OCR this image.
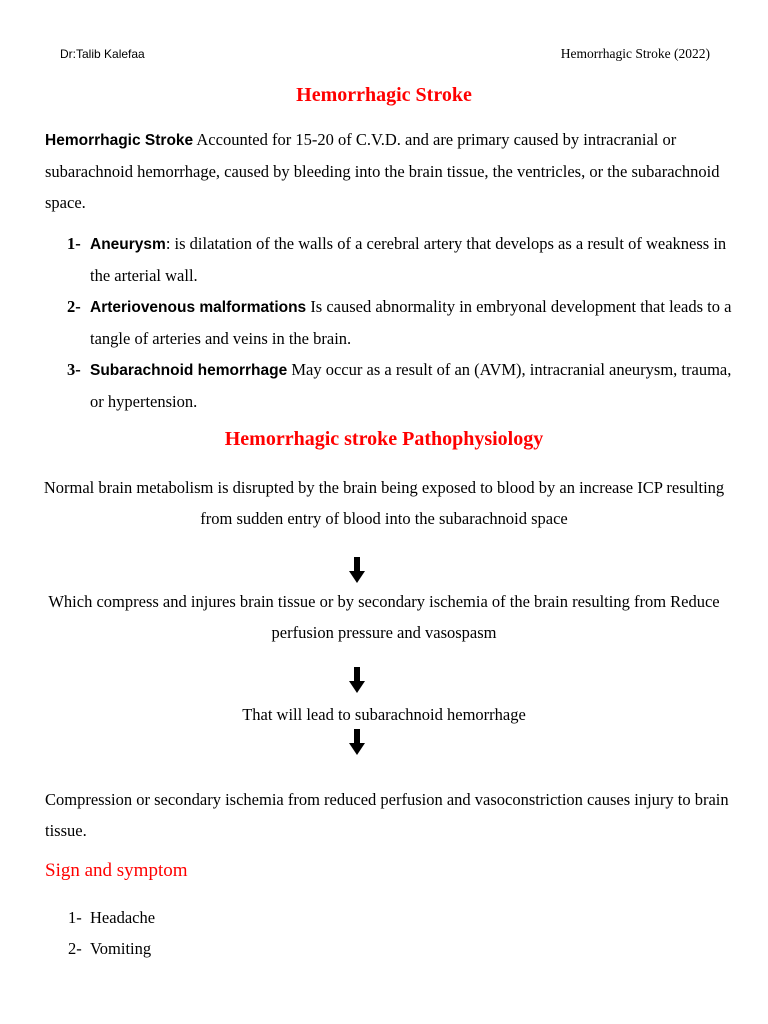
Dr:Talib Kalefaa	Hemorrhagic Stroke (2022)
Hemorrhagic Stroke
Hemorrhagic Stroke Accounted for 15-20 of C.V.D. and are primary caused by intracranial or subarachnoid hemorrhage, caused by bleeding into the brain tissue, the ventricles, or the subarachnoid space.
1- Aneurysm: is dilatation of the walls of a cerebral artery that develops as a result of weakness in the arterial wall.
2- Arteriovenous malformations Is caused abnormality in embryonal development that leads to a tangle of arteries and veins in the brain.
3- Subarachnoid hemorrhage May occur as a result of an (AVM), intracranial aneurysm, trauma, or hypertension.
Hemorrhagic stroke Pathophysiology
Normal brain metabolism is disrupted by the brain being exposed to blood by an increase ICP resulting from sudden entry of blood into the subarachnoid space
Which compress and injures brain tissue or by secondary ischemia of the brain resulting from Reduce perfusion pressure and vasospasm
That will lead to subarachnoid hemorrhage
Compression or secondary ischemia from reduced perfusion and vasoconstriction causes injury to brain tissue.
Sign and symptom
1- Headache
2- Vomiting
